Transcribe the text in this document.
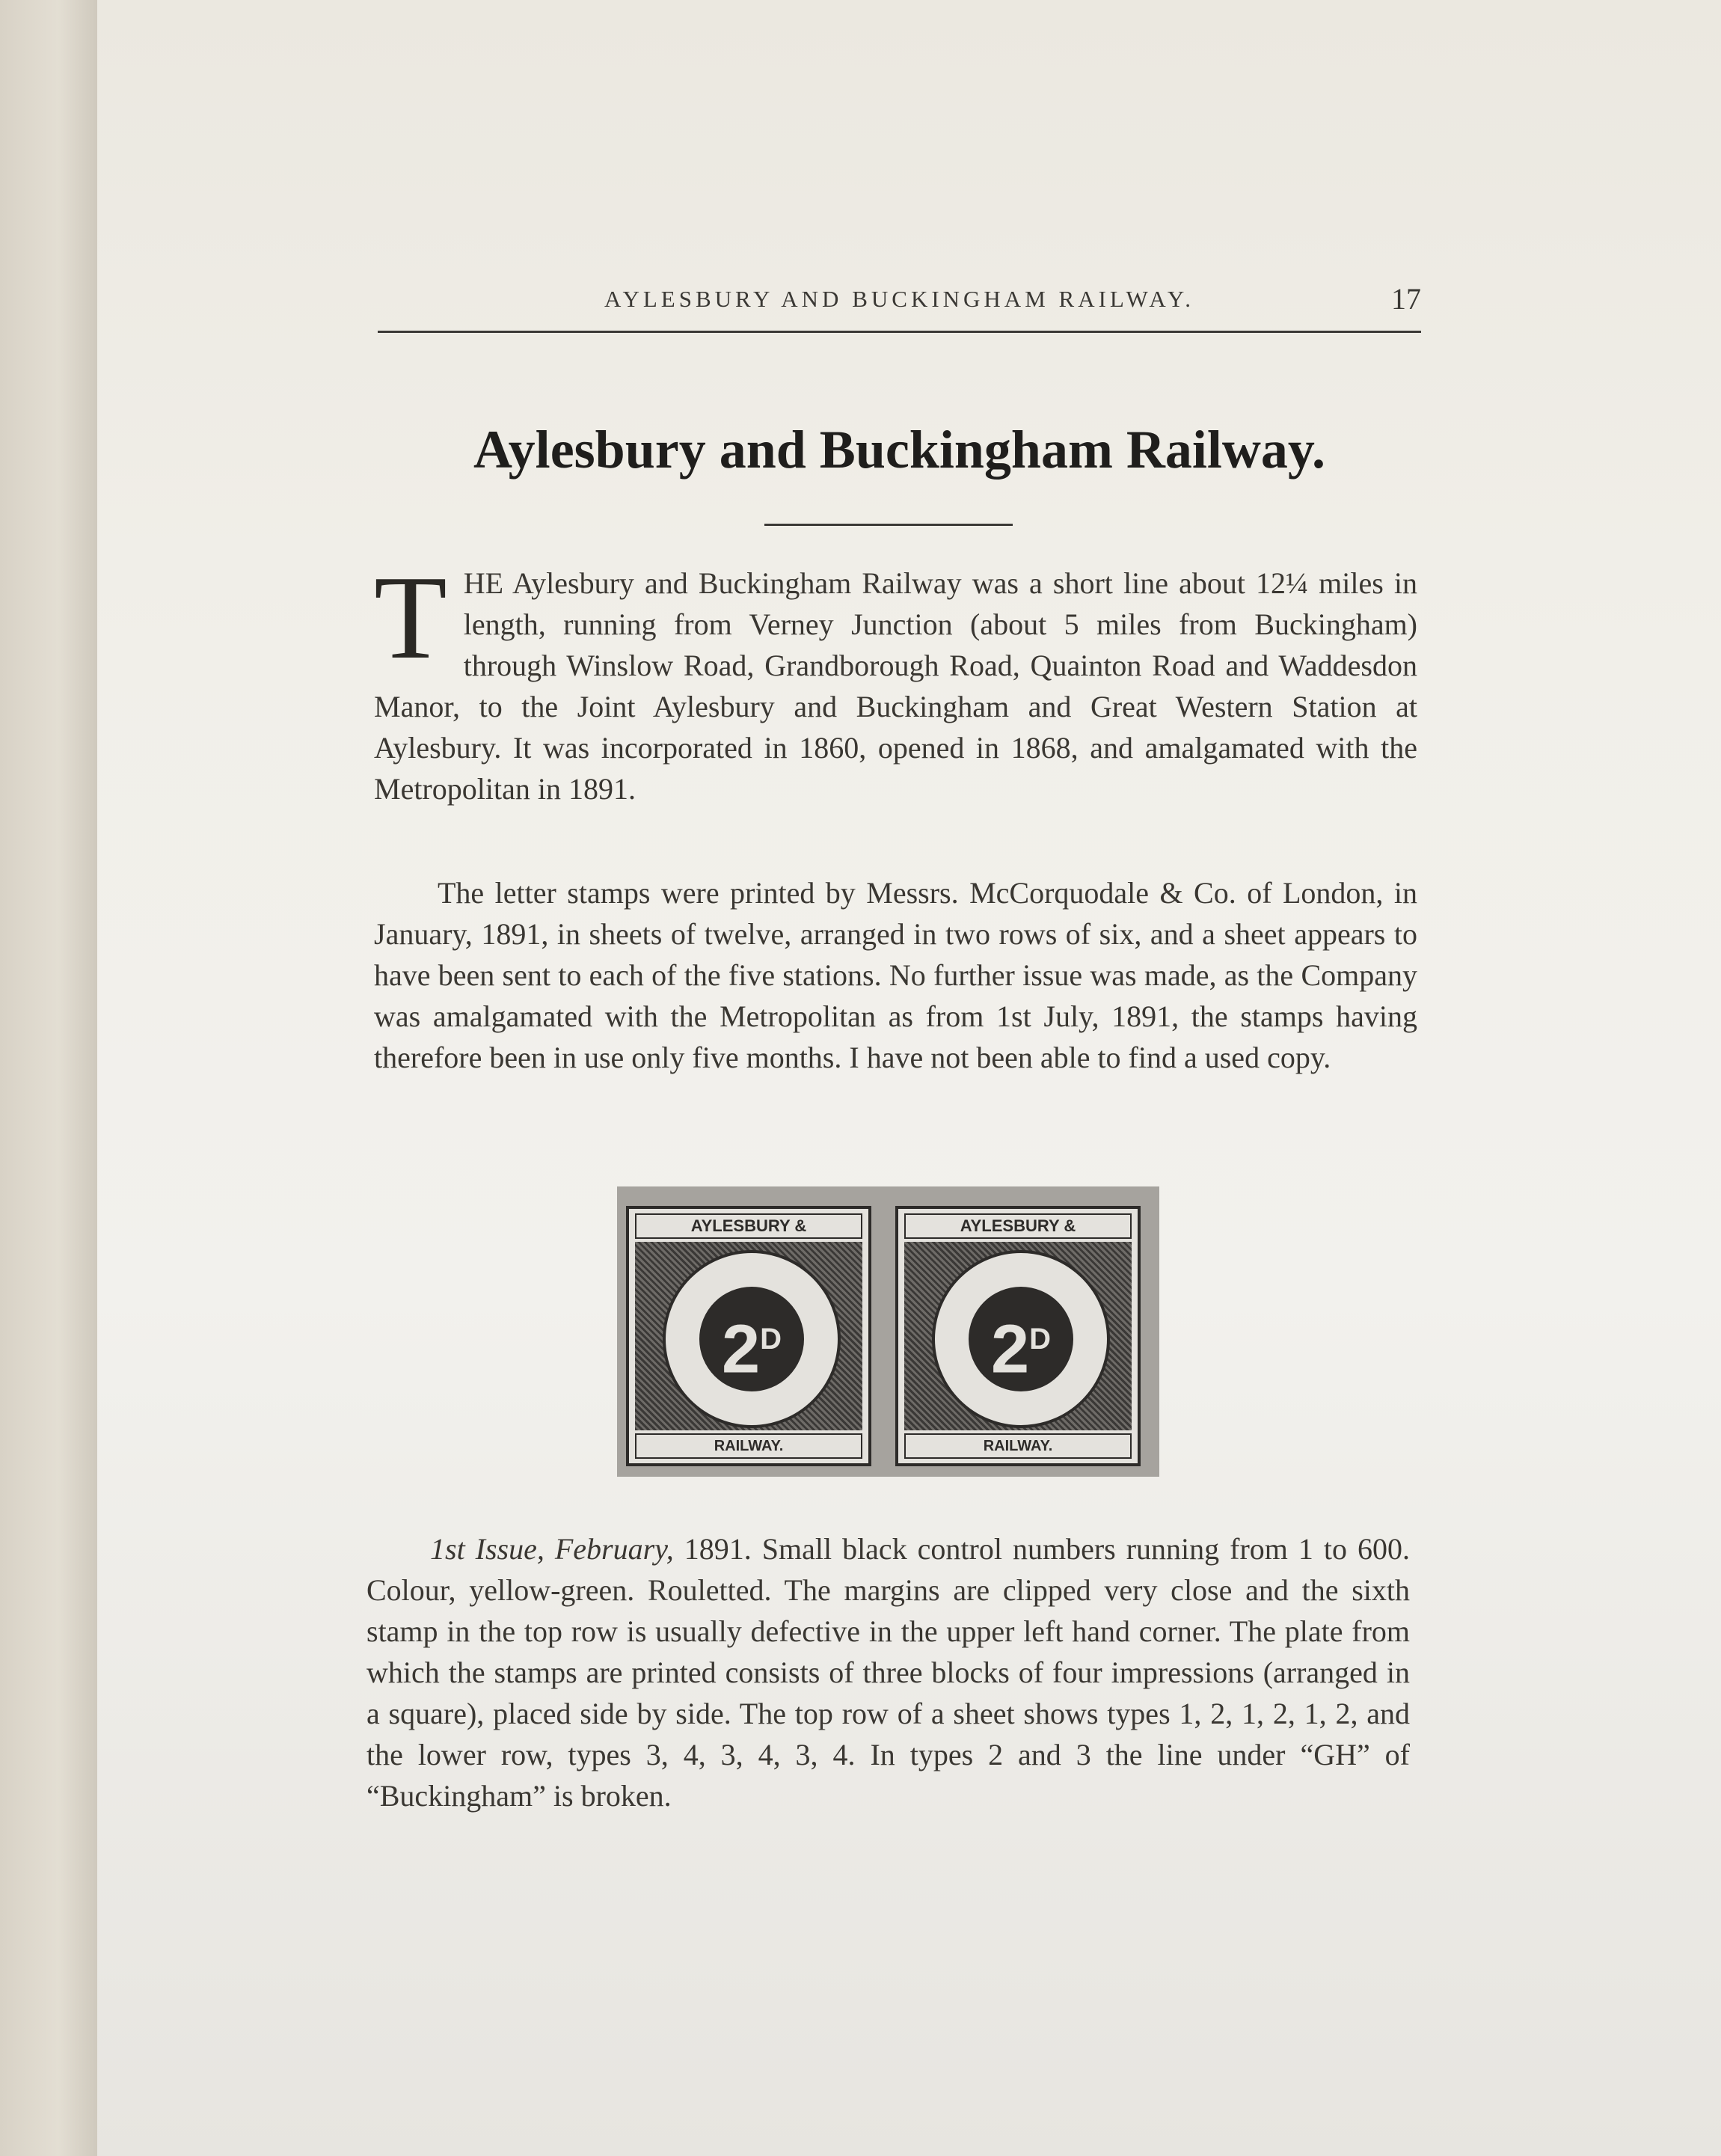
AYLESBURY AND BUCKINGHAM RAILWAY.	17
Aylesbury and Buckingham Railway.
T HE Aylesbury and Buckingham Railway was a short line about 12¼ miles in length, running from Verney Junction (about 5 miles from Buckingham) through Winslow Road, Grandborough Road, Quainton Road and Waddesdon Manor, to the Joint Aylesbury and Buckingham and Great Western Station at Aylesbury. It was incorporated in 1860, opened in 1868, and amalgamated with the Metropolitan in 1891.
The letter stamps were printed by Messrs. McCorquodale & Co. of London, in January, 1891, in sheets of twelve, arranged in two rows of six, and a sheet appears to have been sent to each of the five stations. No further issue was made, as the Company was amalgamated with the Metropolitan as from 1st July, 1891, the stamps having therefore been in use only five months. I have not been able to find a used copy.
AYLESBURY &
$2^D$
RAILWAY.
AYLESBURY &
$2^D$
RAILWAY.
1st Issue, February, 1891. Small black control numbers running from 1 to 600. Colour, yellow-green. Rouletted. The margins are clipped very close and the sixth stamp in the top row is usually defective in the upper left hand corner. The plate from which the stamps are printed consists of three blocks of four impressions (arranged in a square), placed side by side. The top row of a sheet shows types 1, 2, 1, 2, 1, 2, and the lower row, types 3, 4, 3, 4, 3, 4. In types 2 and 3 the line under “GH” of “Buckingham” is broken.
